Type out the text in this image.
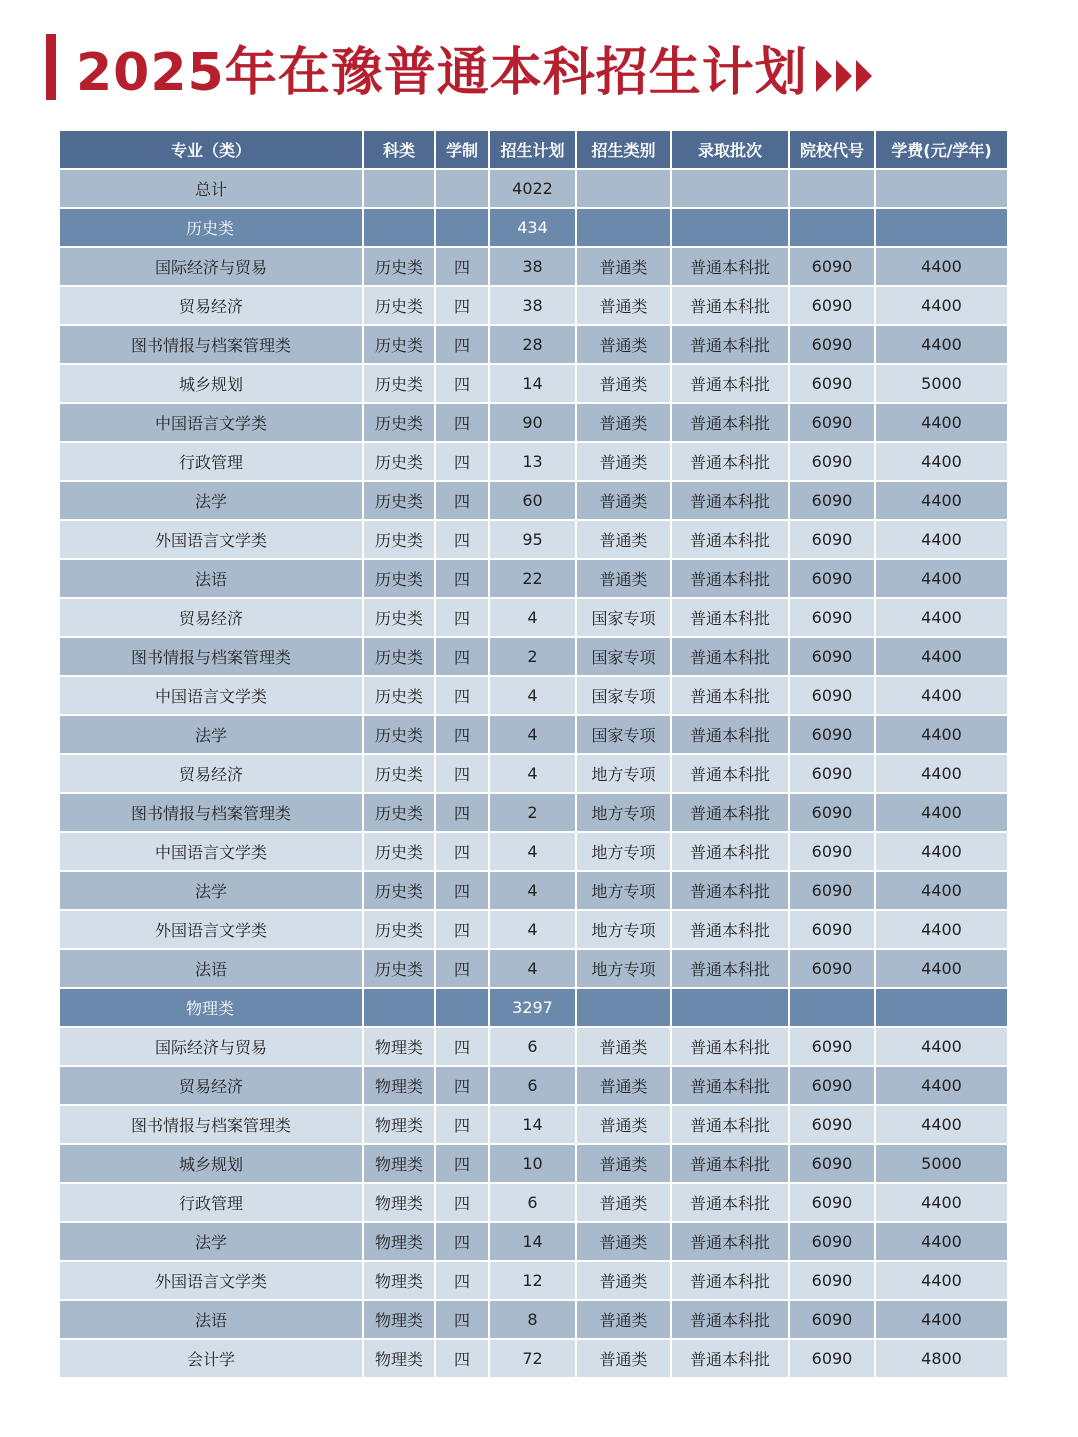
2025年在豫普通本科招生计划
专业（类）	科类	学制	招生计划	招生类别	录取批次	院校代号	学费(元/学年)
总计			4022				
历史类			434				
国际经济与贸易	历史类	四	38	普通类	普通本科批	6090	4400
贸易经济	历史类	四	38	普通类	普通本科批	6090	4400
图书情报与档案管理类	历史类	四	28	普通类	普通本科批	6090	4400
城乡规划	历史类	四	14	普通类	普通本科批	6090	5000
中国语言文学类	历史类	四	90	普通类	普通本科批	6090	4400
行政管理	历史类	四	13	普通类	普通本科批	6090	4400
法学	历史类	四	60	普通类	普通本科批	6090	4400
外国语言文学类	历史类	四	95	普通类	普通本科批	6090	4400
法语	历史类	四	22	普通类	普通本科批	6090	4400
贸易经济	历史类	四	4	国家专项	普通本科批	6090	4400
图书情报与档案管理类	历史类	四	2	国家专项	普通本科批	6090	4400
中国语言文学类	历史类	四	4	国家专项	普通本科批	6090	4400
法学	历史类	四	4	国家专项	普通本科批	6090	4400
贸易经济	历史类	四	4	地方专项	普通本科批	6090	4400
图书情报与档案管理类	历史类	四	2	地方专项	普通本科批	6090	4400
中国语言文学类	历史类	四	4	地方专项	普通本科批	6090	4400
法学	历史类	四	4	地方专项	普通本科批	6090	4400
外国语言文学类	历史类	四	4	地方专项	普通本科批	6090	4400
法语	历史类	四	4	地方专项	普通本科批	6090	4400
物理类			3297				
国际经济与贸易	物理类	四	6	普通类	普通本科批	6090	4400
贸易经济	物理类	四	6	普通类	普通本科批	6090	4400
图书情报与档案管理类	物理类	四	14	普通类	普通本科批	6090	4400
城乡规划	物理类	四	10	普通类	普通本科批	6090	5000
行政管理	物理类	四	6	普通类	普通本科批	6090	4400
法学	物理类	四	14	普通类	普通本科批	6090	4400
外国语言文学类	物理类	四	12	普通类	普通本科批	6090	4400
法语	物理类	四	8	普通类	普通本科批	6090	4400
会计学	物理类	四	72	普通类	普通本科批	6090	4800
